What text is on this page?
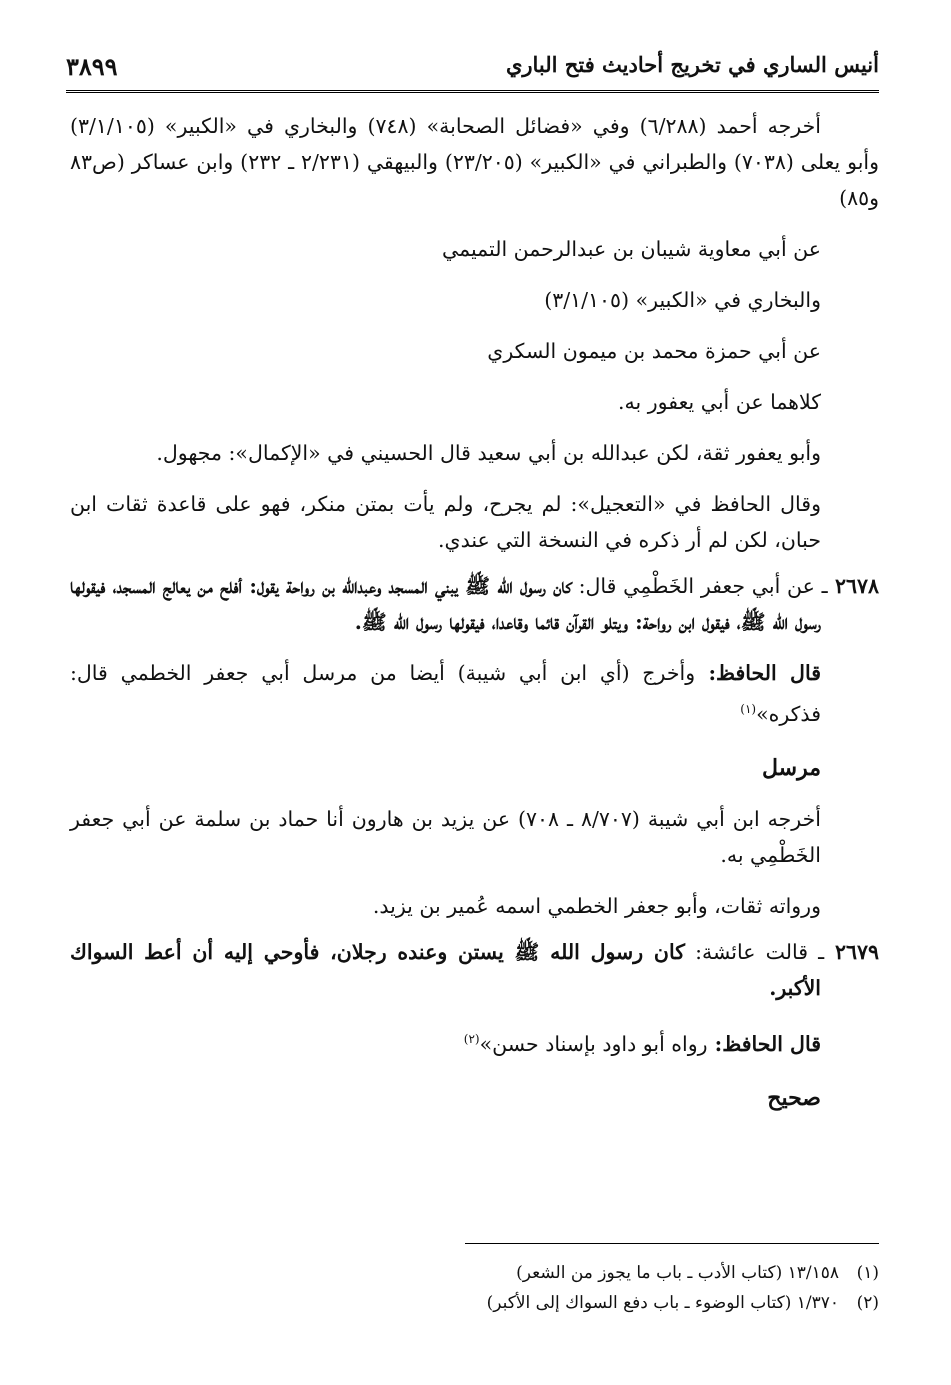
أنيس الساري في تخريج أحاديث فتح الباري
٣٨٩٩

أخرجه أحمد (٦/٢٨٨) وفي «فضائل الصحابة» (٧٤٨) والبخاري في «الكبير» (٣/١/١٠٥) وأبو يعلى (٧٠٣٨) والطبراني في «الكبير» (٢٣/٢٠٥) والبيهقي (٢/٢٣١ ـ ٢٣٢) وابن عساكر (ص٨٣ و٨٥)

عن أبي معاوية شيبان بن عبدالرحمن التميمي

والبخاري في «الكبير» (٣/١/١٠٥)

عن أبي حمزة محمد بن ميمون السكري

كلاهما عن أبي يعفور به.

وأبو يعفور ثقة، لكن عبدالله بن أبي سعيد قال الحسيني في «الإكمال»: مجهول.

وقال الحافظ في «التعجيل»: لم يجرح، ولم يأت بمتن منكر، فهو على قاعدة ثقات ابن حبان، لكن لم أر ذكره في النسخة التي عندي.

٢٦٧٨ ـ عن أبي جعفر الخَطْمِي قال: كان رسول الله ﷺ يبني المسجد وعبدالله بن رواحة يقول: أفلح من يعالج المسجد، فيقولها رسول الله ﷺ، فيقول ابن رواحة: ويتلو القرآن قائما وقاعدا، فيقولها رسول الله ﷺ.

قال الحافظ: وأخرج (أي ابن أبي شيبة) أيضا من مرسل أبي جعفر الخطمي قال: فذكره»$^{(١)}$

مرسل

أخرجه ابن أبي شيبة (٨/٧٠٧ ـ ٧٠٨) عن يزيد بن هارون أنا حماد بن سلمة عن أبي جعفر الخَطْمِي به.

ورواته ثقات، وأبو جعفر الخطمي اسمه عُمير بن يزيد.

٢٦٧٩ ـ قالت عائشة: كان رسول الله ﷺ يستن وعنده رجلان، فأوحي إليه أن أعط السواك الأكبر.

قال الحافظ: رواه أبو داود بإسناد حسن»$^{(٢)}$

صحيح

(١)١٣/١٥٨ (كتاب الأدب ـ باب ما يجوز من الشعر)

(٢)١/٣٧٠ (كتاب الوضوء ـ باب دفع السواك إلى الأكبر)
